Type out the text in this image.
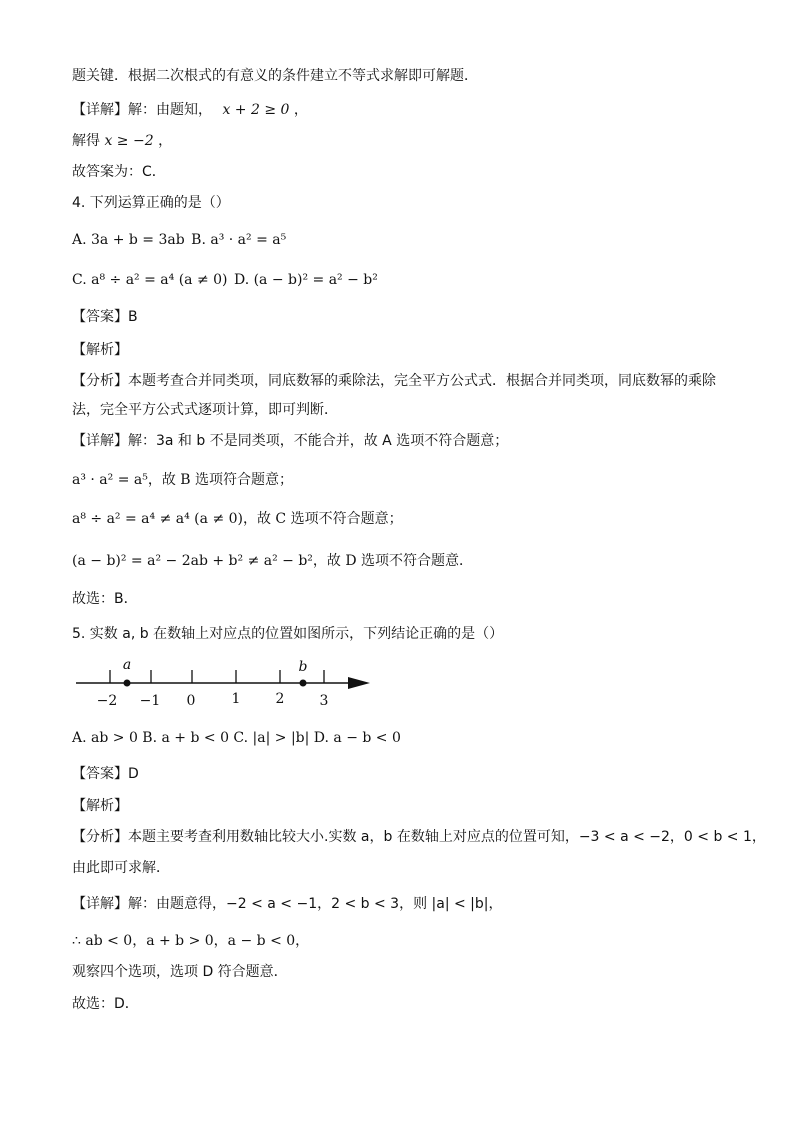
题关键．根据二次根式的有意义的条件建立不等式求解即可解题．
【详解】解：由题知， x + 2 ≥ 0 ，
解得 x ≥ −2 ，
故答案为：C．
4. 下列运算正确的是（）
A. 3a + b = 3ab B. a³ · a² = a⁵
C. a⁸ ÷ a² = a⁴ (a ≠ 0) D. (a − b)² = a² − b²
【答案】B
【解析】
【分析】本题考查合并同类项，同底数幂的乘除法，完全平方公式式．根据合并同类项，同底数幂的乘除
法，完全平方公式式逐项计算，即可判断．
【详解】解：3a 和 b 不是同类项，不能合并，故 A 选项不符合题意；
a³ · a² = a⁵，故 B 选项符合题意；
a⁸ ÷ a² = a⁴ ≠ a⁴ (a ≠ 0)，故 C 选项不符合题意；
(a − b)² = a² − 2ab + b² ≠ a² − b²，故 D 选项不符合题意．
故选：B．
5. 实数 a, b 在数轴上对应点的位置如图所示，下列结论正确的是（）
−2 −1 0	1	2	3
a	b
A. ab > 0 B. a + b < 0 C. |a| > |b| D. a − b < 0
【答案】D
【解析】
【分析】本题主要考查利用数轴比较大小.实数 a，b 在数轴上对应点的位置可知，−3 < a < −2，0 < b < 1，
由此即可求解．
【详解】解：由题意得，−2 < a < −1，2 < b < 3，则 |a| < |b|，
∴ ab < 0，a + b > 0，a − b < 0，
观察四个选项，选项 D 符合题意．
故选：D．
